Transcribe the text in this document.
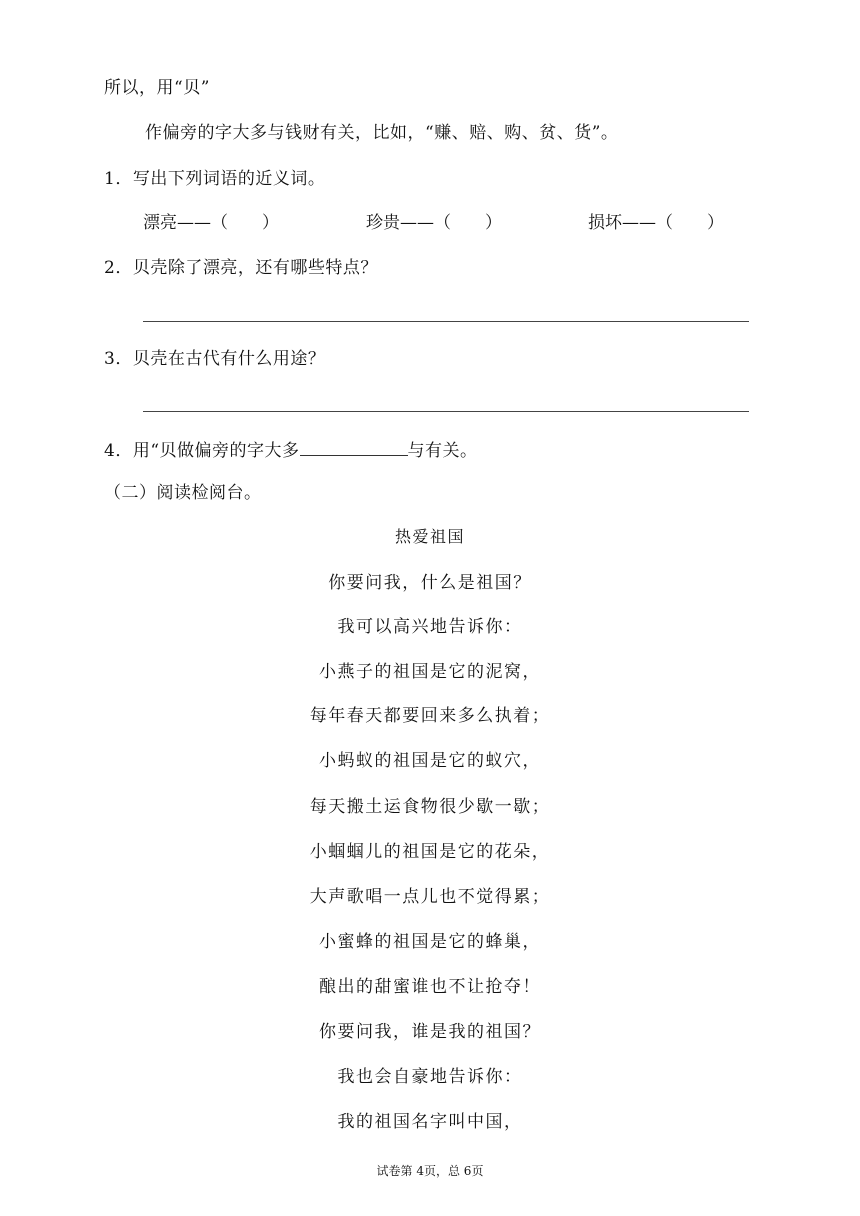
所以，用“贝”
作偏旁的字大多与钱财有关，比如，“赚、赔、购、贫、货”。
1．写出下列词语的近义词。
漂亮——（　　）	珍贵——（　　）	损坏——（　　）
2．贝壳除了漂亮，还有哪些特点？
3．贝壳在古代有什么用途？
4．用“贝做偏旁的字大多	与有关。
（二）阅读检阅台。
热爱祖国
你要问我，什么是祖国？
我可以高兴地告诉你：
小燕子的祖国是它的泥窝，
每年春天都要回来多么执着；
小蚂蚁的祖国是它的蚁穴，
每天搬土运食物很少歇一歇；
小蝈蝈儿的祖国是它的花朵，
大声歌唱一点儿也不觉得累；
小蜜蜂的祖国是它的蜂巢，
酿出的甜蜜谁也不让抢夺！
你要问我，谁是我的祖国？
我也会自豪地告诉你：
我的祖国名字叫中国，
试卷第 4页，总 6页
